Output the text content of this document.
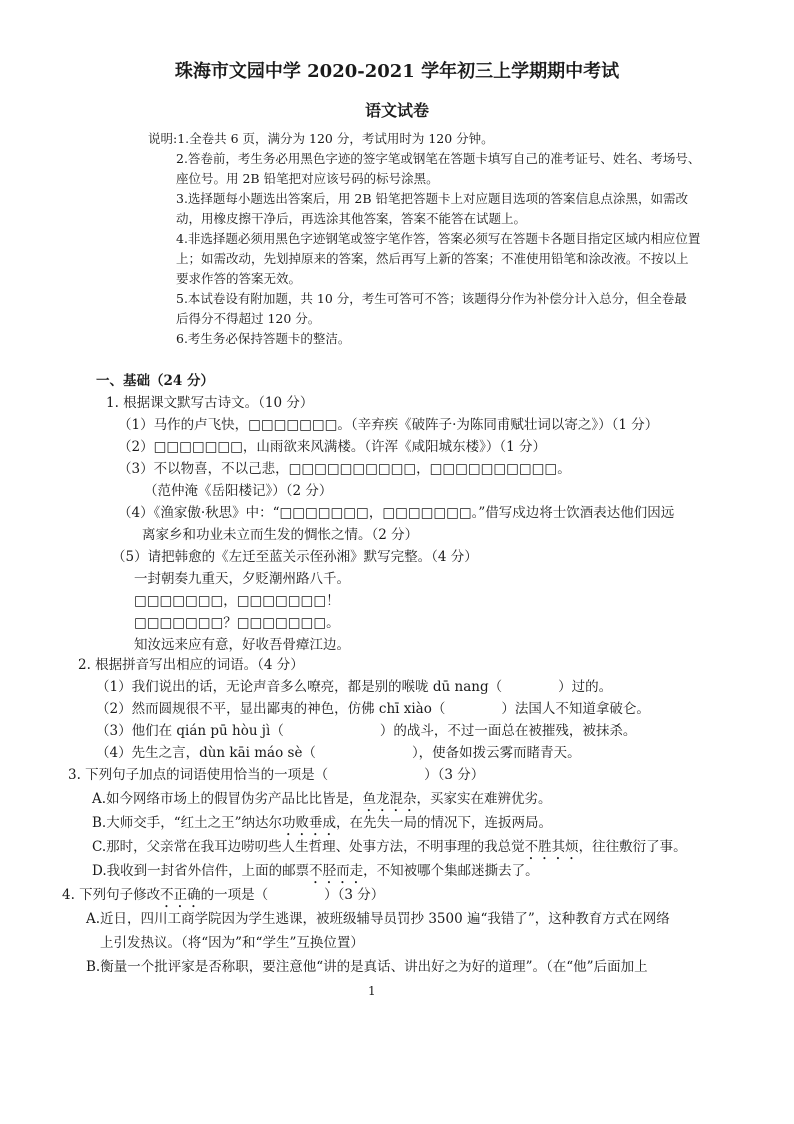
珠海市文园中学 2020-2021 学年初三上学期期中考试
语文试卷
说明:1.全卷共 6 页，满分为 120 分，考试用时为 120 分钟。
2.答卷前，考生务必用黑色字迹的签字笔或钢笔在答题卡填写自己的准考证号、姓名、考场号、
座位号。用 2B 铅笔把对应该号码的标号涂黑。
3.选择题每小题选出答案后，用 2B 铅笔把答题卡上对应题目选项的答案信息点涂黑，如需改
动，用橡皮擦干净后，再选涂其他答案，答案不能答在试题上。
4.非选择题必须用黑色字迹钢笔或签字笔作答，答案必须写在答题卡各题目指定区域内相应位置
上；如需改动，先划掉原来的答案，然后再写上新的答案；不准使用铅笔和涂改液。不按以上
要求作答的答案无效。
5.本试卷设有附加题，共 10 分，考生可答可不答；该题得分作为补偿分计入总分，但全卷最
后得分不得超过 120 分。
6.考生务必保持答题卡的整洁。
一、基础（24 分）
1. 根据课文默写古诗文。（10 分）
（1）马作的卢飞快，□□□□□□□。（辛弃疾《破阵子·为陈同甫赋壮词以寄之》）（1 分）
（2）□□□□□□□，山雨欲来风满楼。（许浑《咸阳城东楼》）（1 分）
（3）不以物喜，不以己悲，□□□□□□□□□□，□□□□□□□□□□。
（范仲淹《岳阳楼记》）（2 分）
（4）《渔家傲·秋思》中：“□□□□□□□，□□□□□□□。”借写戍边将士饮酒表达他们因远
离家乡和功业未立而生发的惆怅之情。（2 分）
（5）请把韩愈的《左迁至蓝关示侄孙湘》默写完整。（4 分）
一封朝奏九重天，夕贬潮州路八千。
□□□□□□□，□□□□□□□！
□□□□□□□？□□□□□□□。
知汝远来应有意，好收吾骨瘴江边。
2. 根据拼音写出相应的词语。（4 分）
（1）我们说出的话，无论声音多么嘹亮，都是别的喉咙 dū nang（	）过的。
（2）然而圆规很不平，显出鄙夷的神色，仿佛 chī xiào（	）法国人不知道拿破仑。
（3）他们在 qián pū hòu jì（	）的战斗，不过一面总在被摧残，被抹杀。
（4）先生之言，dùn kāi máo sè（	），使备如拨云雾而睹青天。
3. 下列句子加点的词语使用恰当的一项是（	）（3 分）
A.如今网络市场上的假冒伪劣产品比比皆是，鱼龙混杂，买家实在难辨优劣。
B.大师交手，“红土之王”纳达尔功败垂成，在先失一局的情况下，连扳两局。
C.那时，父亲常在我耳边唠叨些人生哲理、处事方法，不明事理的我总觉不胜其烦，往往敷衍了事。
D.我收到一封省外信件，上面的邮票不胫而走，不知被哪个集邮迷撕去了。
4. 下列句子修改不正确的一项是（	）（3 分）
A.近日，四川工商学院因为学生逃课，被班级辅导员罚抄 3500 遍“我错了”，这种教育方式在网络
上引发热议。（将“因为”和“学生”互换位置）
B.衡量一个批评家是否称职，要注意他“讲的是真话、讲出好之为好的道理”。（在“他”后面加上
1
